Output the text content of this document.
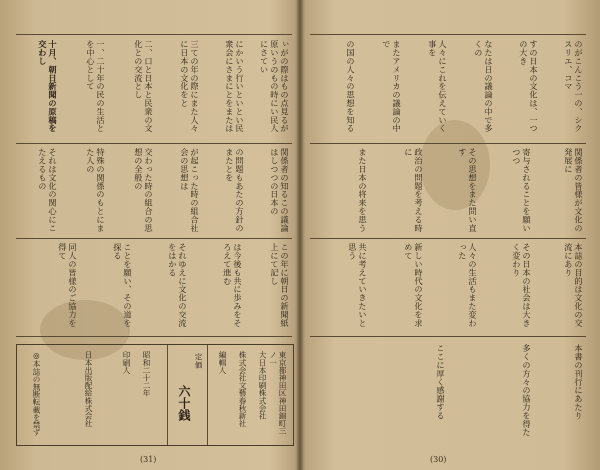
ぃがの際はもの点見るが原いうのもの時にい民人にさてい
にかいう行いといとい民衆会にさまにとをまたは
三ての年の際にまた人々に日本の文化をと
二、口と日本と民衆の文化との交流とし
一、二十年の民の生活とを中心として
十月、朝日新聞の原稿を交わし
関係者の知るこの議論はしつつの日本の
の問題もあたの方針のまたとを
が起こった時の組合社会の思想は
交わった時の組合の思想の全般の
特殊の関係のもとにまた人の
それは文化の関心にこたえるもの
この年に朝日の新聞紙上にて記し
は今後も共に歩みをそろえて進む
それゆえに文化の交流をはかる
ことを願い、その道を探る
同人の皆様のご協力を得て
東京都神田区神田錦町三ノ一
大日本印刷株式会社
株式会社文藝春秋新社
編輯人
定価
六十銭
昭和二十二年
印刷人
日本出版配給株式会社
◎本誌の無断転載を禁ず
(31)
のがこんこう一の、シクスリエ、コマ
すの日本の文化は、一つの大き
なたは日の議論の中で多くの
人々にこれを伝えていく事を
またアメリカの議論の中で
の国の人々の思想を知る
関係者の皆様が文化の発展に
寄与されることを願いつつ
その思想をまた問い直す
政治の問題を考える時に
また日本の将来を思う
本誌の目的は文化の交流にあり
その日本の社会は大きく変わり
人々の生活もまた変わった
新しい時代の文化を求めて
共に考えていきたいと思う
本書の刊行にあたり
多くの方々の協力を得た
ここに厚く感謝する
(30)
